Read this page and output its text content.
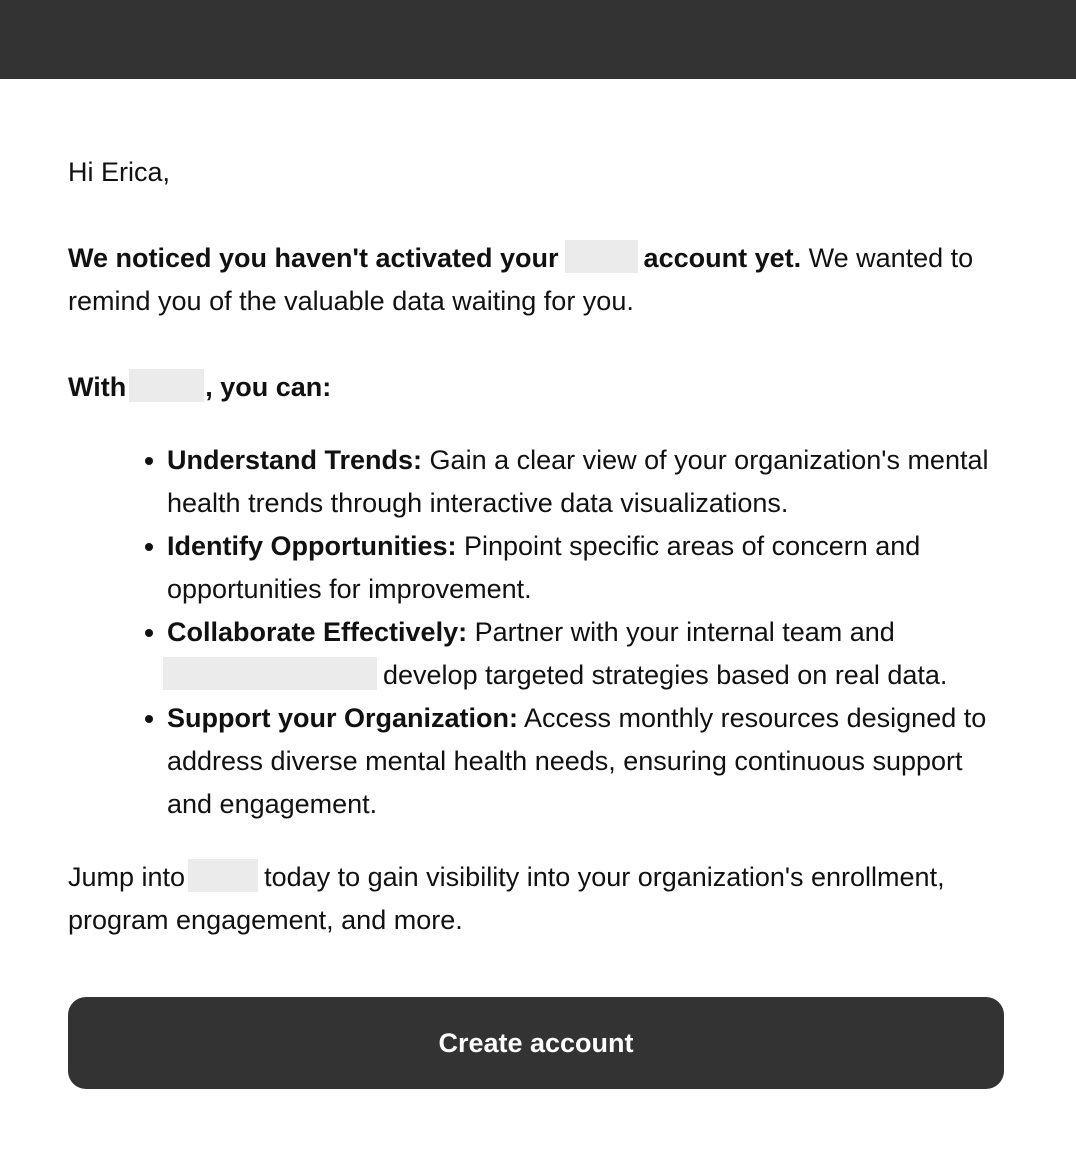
Hi Erica,

We noticed you haven't activated your	account yet. We wanted to remind you of the valuable data waiting for you.

With	, you can:

Understand Trends: Gain a clear view of your organization's mental health trends through interactive data visualizations.
Identify Opportunities: Pinpoint specific areas of concern and opportunities for improvement.
Collaborate Effectively: Partner with your internal team and
develop targeted strategies based on real data.
Support your Organization: Access monthly resources designed to address diverse mental health needs, ensuring continuous support and engagement.

Jump into	today to gain visibility into your organization's enrollment, program engagement, and more.

Create account
